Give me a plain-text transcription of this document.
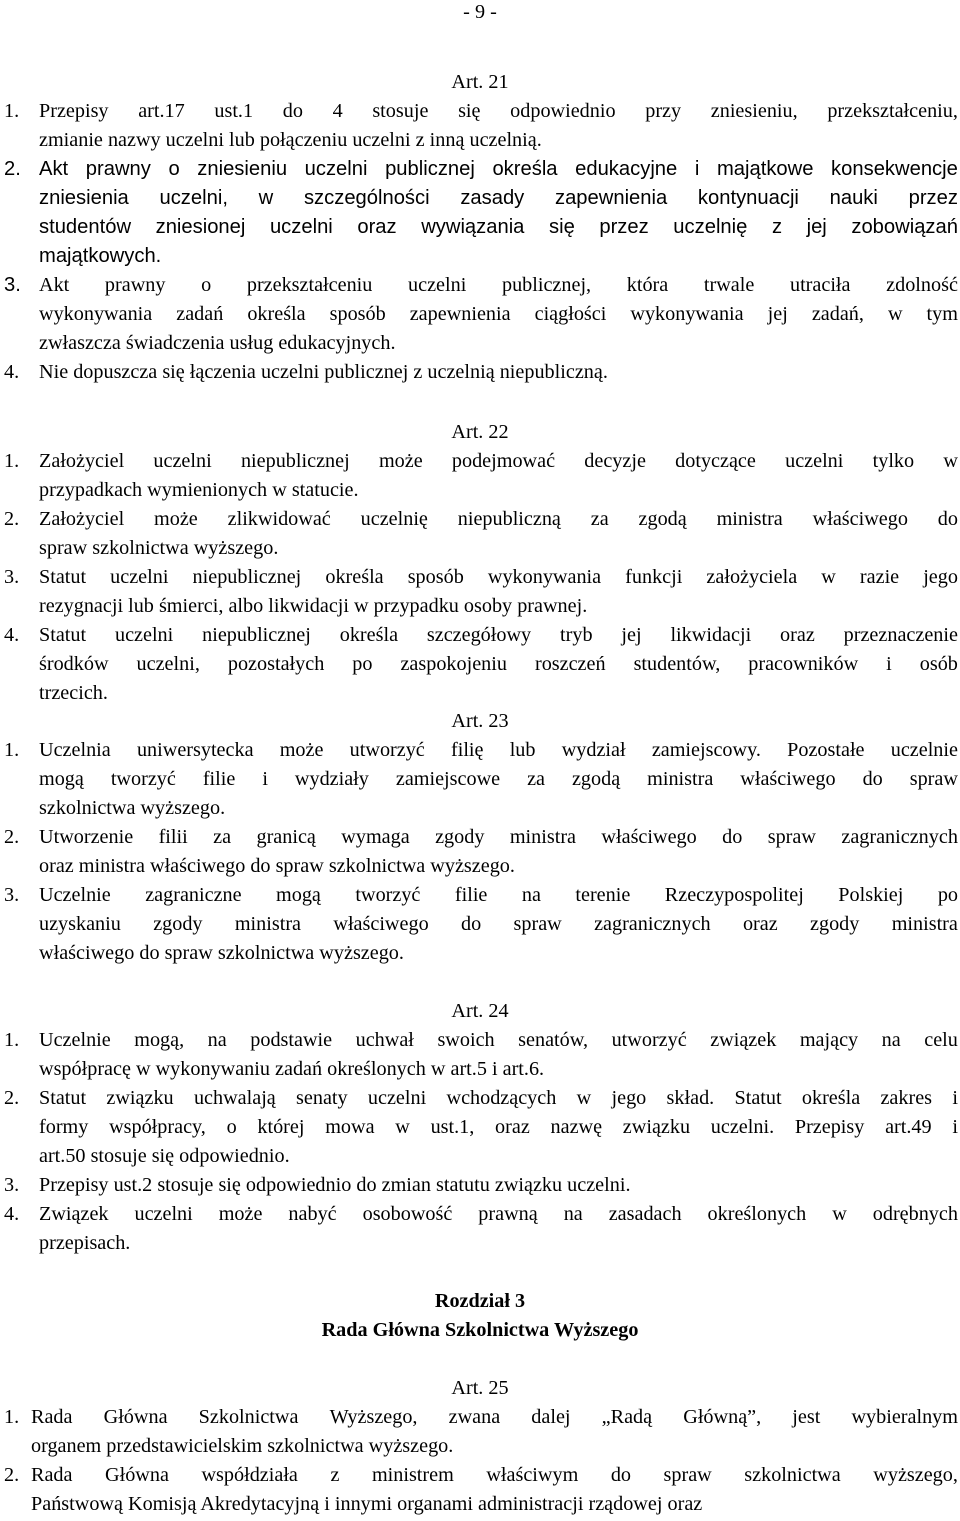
- 9 -
Art. 21
1. Przepisy art.17 ust.1 do 4 stosuje się odpowiednio przy zniesieniu, przekształceniu,
zmianie nazwy uczelni lub połączeniu uczelni z inną uczelnią.
2. Akt prawny o zniesieniu uczelni publicznej określa edukacyjne i majątkowe konsekwencje
zniesienia uczelni, w szczególności zasady zapewnienia kontynuacji nauki przez
studentów zniesionej uczelni oraz wywiązania się przez uczelnię z jej zobowiązań
majątkowych.
3. Akt prawny o przekształceniu uczelni publicznej, która trwale utraciła zdolność
wykonywania zadań określa sposób zapewnienia ciągłości wykonywania jej zadań, w tym
zwłaszcza świadczenia usług edukacyjnych.
4. Nie dopuszcza się łączenia uczelni publicznej z uczelnią niepubliczną.
Art. 22
1. Założyciel uczelni niepublicznej może podejmować decyzje dotyczące uczelni tylko w
przypadkach wymienionych w statucie.
2. Założyciel może zlikwidować uczelnię niepubliczną za zgodą ministra właściwego do
spraw szkolnictwa wyższego.
3. Statut uczelni niepublicznej określa sposób wykonywania funkcji założyciela w razie jego
rezygnacji lub śmierci, albo likwidacji w przypadku osoby prawnej.
4. Statut uczelni niepublicznej określa szczegółowy tryb jej likwidacji oraz przeznaczenie
środków uczelni, pozostałych po zaspokojeniu roszczeń studentów, pracowników i osób
trzecich.
Art. 23
1. Uczelnia uniwersytecka może utworzyć filię lub wydział zamiejscowy. Pozostałe uczelnie
mogą tworzyć filie i wydziały zamiejscowe za zgodą ministra właściwego do spraw
szkolnictwa wyższego.
2. Utworzenie filii za granicą wymaga zgody ministra właściwego do spraw zagranicznych
oraz ministra właściwego do spraw szkolnictwa wyższego.
3. Uczelnie zagraniczne mogą tworzyć filie na terenie Rzeczypospolitej Polskiej po
uzyskaniu zgody ministra właściwego do spraw zagranicznych oraz zgody ministra
właściwego do spraw szkolnictwa wyższego.
Art. 24
1. Uczelnie mogą, na podstawie uchwał swoich senatów, utworzyć związek mający na celu
współpracę w wykonywaniu zadań określonych w art.5 i art.6.
2. Statut związku uchwalają senaty uczelni wchodzących w jego skład. Statut określa zakres i
formy współpracy, o której mowa w ust.1, oraz nazwę związku uczelni. Przepisy art.49 i
art.50 stosuje się odpowiednio.
3. Przepisy ust.2 stosuje się odpowiednio do zmian statutu związku uczelni.
4. Związek uczelni może nabyć osobowość prawną na zasadach określonych w odrębnych
przepisach.
Rozdział 3
Rada Główna Szkolnictwa Wyższego
Art. 25
1. Rada Główna Szkolnictwa Wyższego, zwana dalej „Radą Główną”, jest wybieralnym
organem przedstawicielskim szkolnictwa wyższego.
2. Rada Główna współdziała z ministrem właściwym do spraw szkolnictwa wyższego,
Państwową Komisją Akredytacyjną i innymi organami administracji rządowej oraz
